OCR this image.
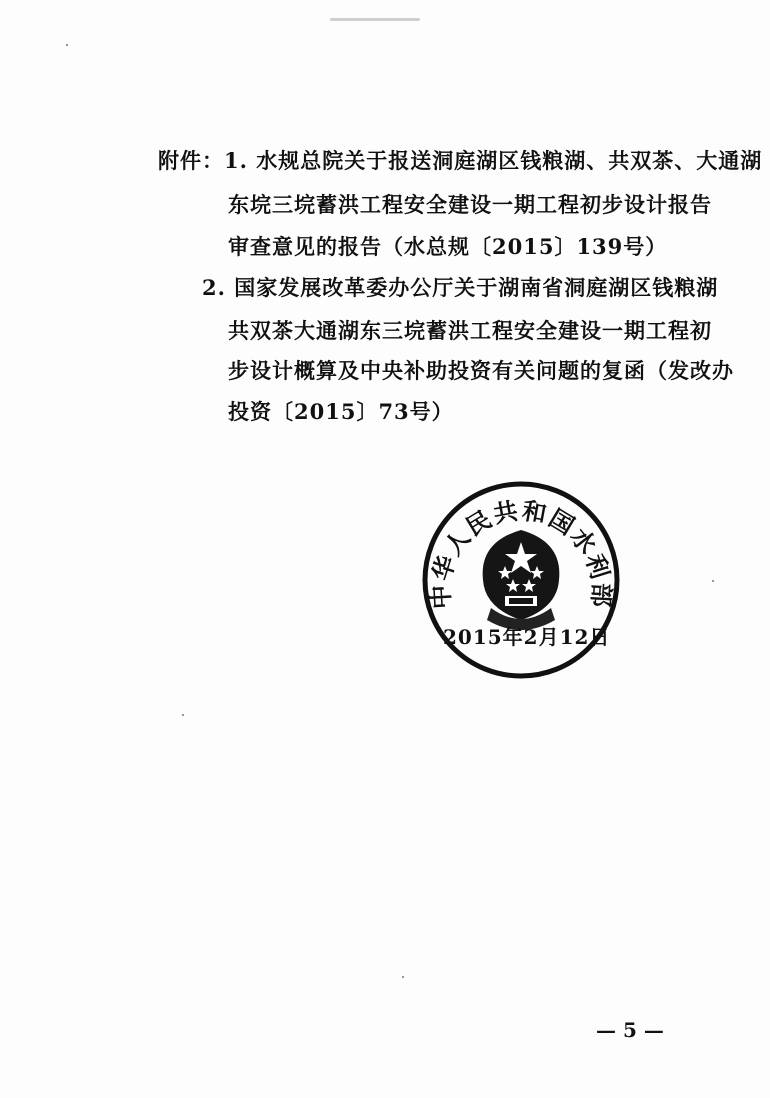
附件：1. 水规总院关于报送洞庭湖区钱粮湖、共双茶、大通湖
东垸三垸蓄洪工程安全建设一期工程初步设计报告
审查意见的报告（水总规〔2015〕139号）
2. 国家发展改革委办公厅关于湖南省洞庭湖区钱粮湖
共双茶大通湖东三垸蓄洪工程安全建设一期工程初
步设计概算及中央补助投资有关问题的复函（发改办
投资〔2015〕73号）
中华人民共和国水利部
2015年2月12日
— 5 —
